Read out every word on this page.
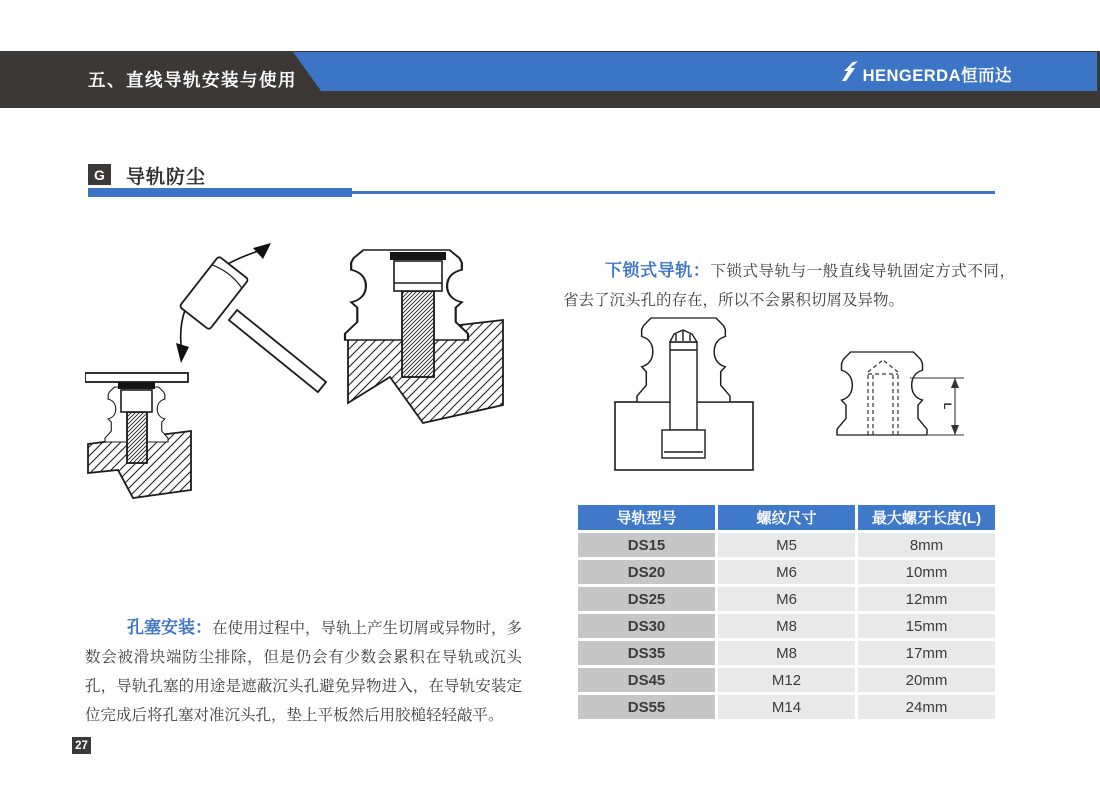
五、直线导轨安装与使用	HENGERDA恒而达
G	导轨防尘

下锁式导轨：下锁式导轨与一般直线导轨固定方式不同，省去了沉头孔的存在，所以不会累积切屑及异物。

L
导轨型号	螺纹尺寸	最大螺牙长度(L)
DS15	M5	8mm
DS20	M6	10mm
DS25	M6	12mm
DS30	M8	15mm
DS35	M8	17mm
DS45	M12	20mm
DS55	M14	24mm

孔塞安装：在使用过程中，导轨上产生切屑或异物时，多数会被滑块端防尘排除，但是仍会有少数会累积在导轨或沉头孔，导轨孔塞的用途是遮蔽沉头孔避免异物进入，在导轨安装定位完成后将孔塞对准沉头孔，垫上平板然后用胶槌轻轻敲平。

27
